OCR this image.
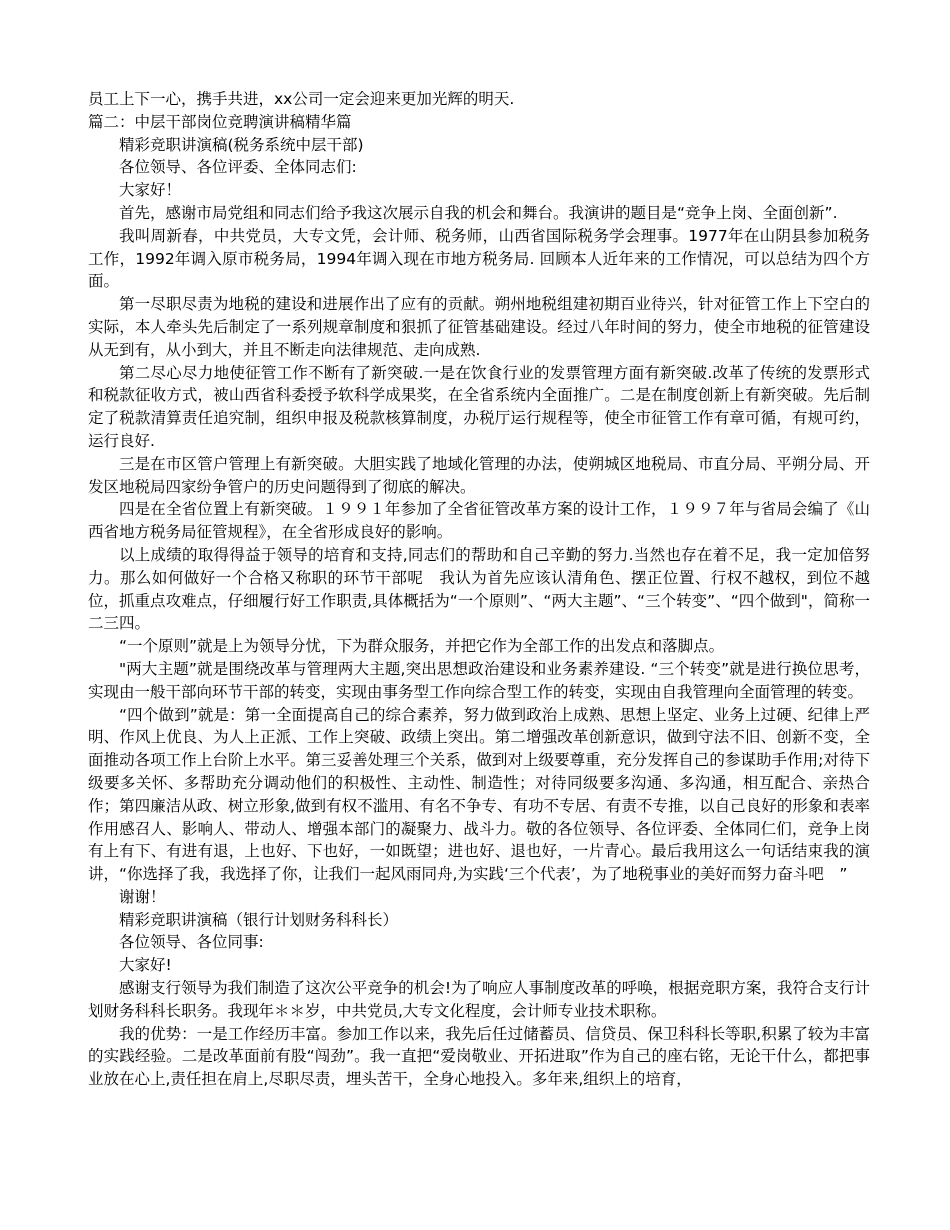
员工上下一心，携手共进，xx公司一定会迎来更加光辉的明天.

篇二：中层干部岗位竞聘演讲稿精华篇

精彩竞职讲演稿(税务系统中层干部)

各位领导、各位评委、全体同志们:

大家好！

首先，感谢市局党组和同志们给予我这次展示自我的机会和舞台。我演讲的题目是“竞争上岗、全面创新”.

我叫周新春，中共党员，大专文凭，会计师、税务师，山西省国际税务学会理事。1977年在山阴县参加税务工作，1992年调入原市税务局，1994年调入现在市地方税务局. 回顾本人近年来的工作情况，可以总结为四个方面。

第一尽职尽责为地税的建设和进展作出了应有的贡献。朔州地税组建初期百业待兴，针对征管工作上下空白的实际，本人牵头先后制定了一系列规章制度和狠抓了征管基础建设。经过八年时间的努力，使全市地税的征管建设从无到有，从小到大，并且不断走向法律规范、走向成熟.

第二尽心尽力地使征管工作不断有了新突破.一是在饮食行业的发票管理方面有新突破.改革了传统的发票形式和税款征收方式，被山西省科委授予软科学成果奖，在全省系统内全面推广。二是在制度创新上有新突破。先后制定了税款清算责任追究制，组织申报及税款核算制度，办税厅运行规程等，使全市征管工作有章可循，有规可约，运行良好.

三是在市区管户管理上有新突破。大胆实践了地域化管理的办法，使朔城区地税局、市直分局、平朔分局、开发区地税局四家纷争管户的历史问题得到了彻底的解决。

四是在全省位置上有新突破。１９９１年参加了全省征管改革方案的设计工作，１９９７年与省局会编了《山西省地方税务局征管规程》，在全省形成良好的影响。

以上成绩的取得得益于领导的培育和支持,同志们的帮助和自己辛勤的努力.当然也存在着不足，我一定加倍努力。那么如何做好一个合格又称职的环节干部呢　我认为首先应该认清角色、摆正位置、行权不越权，到位不越位，抓重点攻难点，仔细履行好工作职责,具体概括为“一个原则”、“两大主题”、“三个转变”、“四个做到"，简称一二三四。

“一个原则”就是上为领导分忧，下为群众服务，并把它作为全部工作的出发点和落脚点。

"两大主题”就是围绕改革与管理两大主题,突出思想政治建设和业务素养建设. “三个转变”就是进行换位思考，实现由一般干部向环节干部的转变，实现由事务型工作向综合型工作的转变，实现由自我管理向全面管理的转变。

“四个做到”就是：第一全面提高自己的综合素养，努力做到政治上成熟、思想上坚定、业务上过硬、纪律上严明、作风上优良、为人上正派、工作上突破、政绩上突出。第二增强改革创新意识，做到守法不旧、创新不变，全面推动各项工作上台阶上水平。第三妥善处理三个关系，做到对上级要尊重，充分发挥自己的参谋助手作用;对待下级要多关怀、多帮助充分调动他们的积极性、主动性、制造性；对待同级要多沟通、多沟通，相互配合、亲热合作；第四廉洁从政、树立形象,做到有权不滥用、有名不争专、有功不专居、有责不专推，以自己良好的形象和表率作用感召人、影响人、带动人、增强本部门的凝聚力、战斗力。敬的各位领导、各位评委、全体同仁们，竞争上岗有上有下、有进有退，上也好、下也好，一如既望；进也好、退也好，一片青心。最后我用这么一句话结束我的演讲，“你选择了我，我选择了你，让我们一起风雨同舟,为实践‘三个代表’，为了地税事业的美好而努力奋斗吧　”

谢谢！

精彩竞职讲演稿（银行计划财务科科长）

各位领导、各位同事:

大家好!

感谢支行领导为我们制造了这次公平竞争的机会!为了响应人事制度改革的呼唤，根据竞职方案，我符合支行计划财务科科长职务。我现年＊＊岁，中共党员,大专文化程度，会计师专业技术职称。

我的优势：一是工作经历丰富。参加工作以来，我先后任过储蓄员、信贷员、保卫科科长等职,积累了较为丰富的实践经验。二是改革面前有股“闯劲”。我一直把“爱岗敬业、开拓进取”作为自己的座右铭，无论干什么，都把事业放在心上,责任担在肩上,尽职尽责，埋头苦干，全身心地投入。多年来,组织上的培育，
